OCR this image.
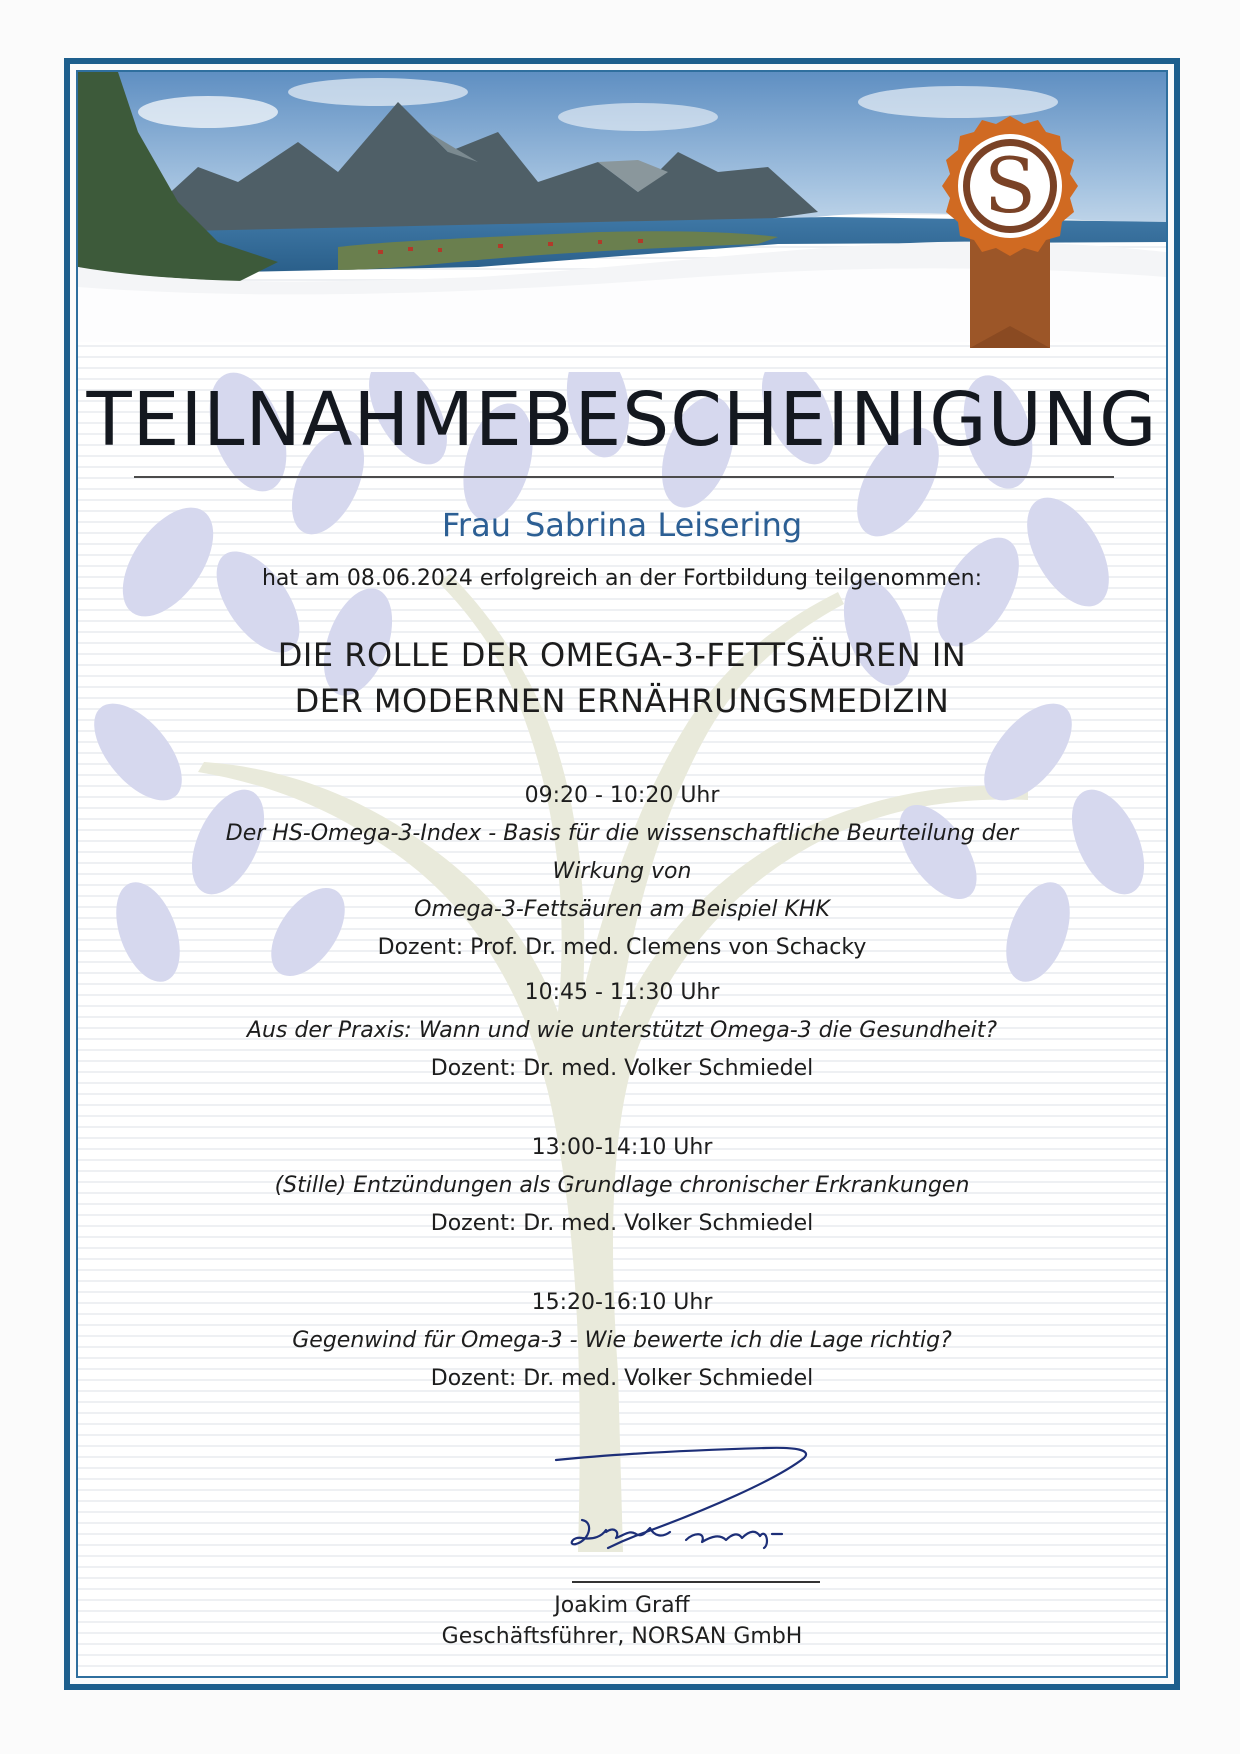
S
TEILNAHMEBESCHEINIGUNG
Frau Sabrina Leisering
hat am 08.06.2024 erfolgreich an der Fortbildung teilgenommen:
DIE ROLLE DER OMEGA-3-FETTSÄUREN IN
DER MODERNEN ERNÄHRUNGSMEDIZIN
09:20 - 10:20 Uhr
Der HS-Omega-3-Index - Basis für die wissenschaftliche Beurteilung der Wirkung von
Omega-3-Fettsäuren am Beispiel KHK
Dozent: Prof. Dr. med. Clemens von Schacky
10:45 - 11:30 Uhr
Aus der Praxis: Wann und wie unterstützt Omega-3 die Gesundheit?
Dozent: Dr. med. Volker Schmiedel
13:00-14:10 Uhr
(Stille) Entzündungen als Grundlage chronischer Erkrankungen
Dozent: Dr. med. Volker Schmiedel
15:20-16:10 Uhr
Gegenwind für Omega-3 - Wie bewerte ich die Lage richtig?
Dozent: Dr. med. Volker Schmiedel
Joakim Graff
Geschäftsführer, NORSAN GmbH
